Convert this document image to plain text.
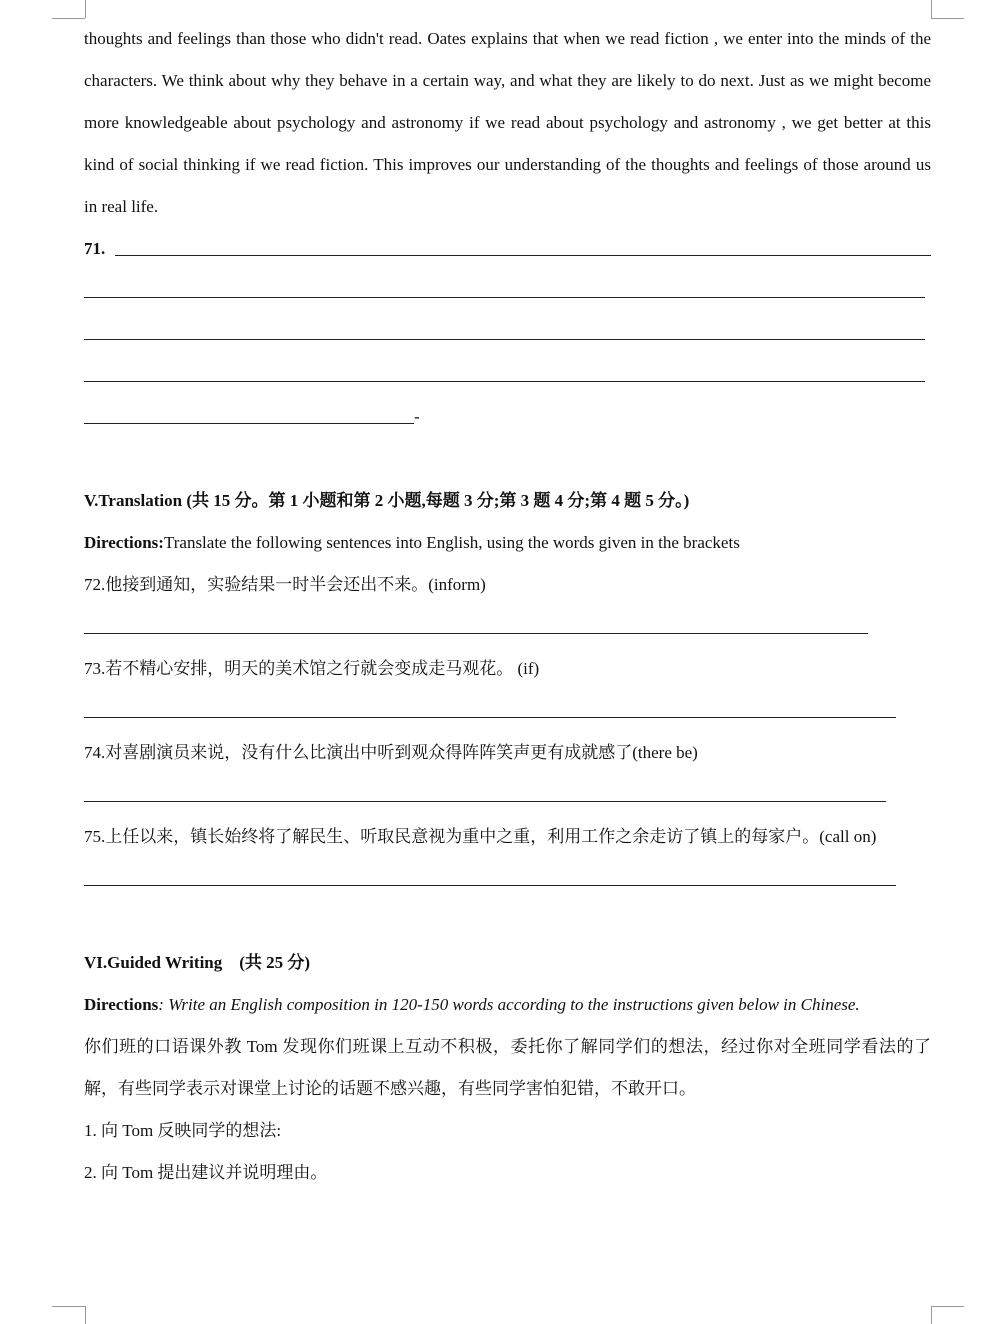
thoughts and feelings than those who didn't read. Oates explains that when we read fiction , we enter into the minds of the characters. We think about why they behave in a certain way, and what they are likely to do next. Just as we might become more knowledgeable about psychology and astronomy if we read about psychology and astronomy , we get better at this kind of social thinking if we read fiction. This improves our understanding of the thoughts and feelings of those around us in real life.

71.
-

V.Translation (共 15 分。第 1 小题和第 2 小题,每题 3 分;第 3 题 4 分;第 4 题 5 分。)

Directions:Translate the following sentences into English, using the words given in the brackets

72.他接到通知，实验结果一时半会还出不来。(inform)

73.若不精心安排，明天的美术馆之行就会变成走马观花。 (if)

74.对喜剧演员来说，没有什么比演出中听到观众得阵阵笑声更有成就感了(there be)

75.上任以来，镇长始终将了解民生、听取民意视为重中之重，利用工作之余走访了镇上的每家户。(call on)

VI.Guided Writing    (共 25 分)

Directions: Write an English composition in 120-150 words according to the instructions given below in Chinese.

你们班的口语课外教 Tom 发现你们班课上互动不积极，委托你了解同学们的想法，经过你对全班同学看法的了解，有些同学表示对课堂上讨论的话题不感兴趣，有些同学害怕犯错，不敢开口。

1. 向 Tom 反映同学的想法:

2. 向 Tom 提出建议并说明理由。
